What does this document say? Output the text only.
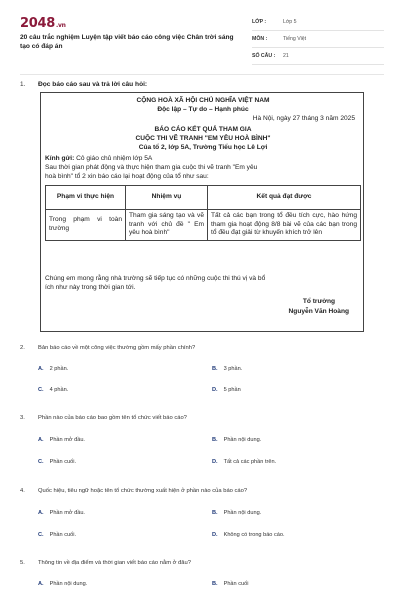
2048.vn
20 câu trắc nghiệm Luyện tập viết báo cáo công việc Chân trời sáng tạo có đáp án
LỚP :	Lớp 5
MÔN :	Tiếng Việt
SỐ CÂU :	21
1. Đọc báo cáo sau và trả lời câu hỏi:
CỘNG HOÀ XÃ HỘI CHỦ NGHĨA VIỆT NAM
Độc lập – Tự do – Hạnh phúc
Hà Nội, ngày 27 tháng 3 năm 2025
BÁO CÁO KẾT QUẢ THAM GIA
CUỘC THI VẼ TRANH "EM YÊU HOÀ BÌNH"
Của tổ 2, lớp 5A, Trường Tiểu học Lê Lợi
Kính gửi: Cô giáo chủ nhiệm lớp 5A
Sau thời gian phát động và thực hiện tham gia cuộc thi vẽ tranh "Em yêu
hoà bình" tổ 2 xin báo cáo lại hoạt động của tổ như sau:
Phạm vi thực hiện	Nhiệm vụ	Kết quả đạt được
Trong phạm vi toàn trường	Tham gia sáng tạo và vẽ tranh với chủ đề " Em yêu hoà bình"	Tất cả các bạn trong tổ đều tích cực, hào hứng tham gia hoạt động 8/8 bài vẽ của các bạn trong tổ đều đạt giải từ khuyến khích trở lên
Chúng em mong rằng nhà trường sẽ tiếp tục có những cuộc thi thú vị và bổ
ích như này trong thời gian tới.
Tổ trưởng
Nguyễn Văn Hoàng
2. Bản báo cáo về một công việc thường gồm mấy phần chính?
A. 2 phần.	B. 3 phần.
C. 4 phần.	D. 5 phần
3. Phần nào của báo cáo bao gồm tên tổ chức viết báo cáo?
A. Phần mở đầu.	B. Phần nội dung.
C. Phần cuối.	D. Tất cả các phần trên.
4. Quốc hiệu, tiêu ngữ hoặc tên tổ chức thường xuất hiện ở phần nào của báo cáo?
A. Phần mở đầu.	B. Phần nội dung.
C. Phần cuối.	D. Không có trong báo cáo.
5. Thông tin về địa điểm và thời gian viết báo cáo nằm ở đâu?
A. Phần nội dung.	B. Phần cuối
